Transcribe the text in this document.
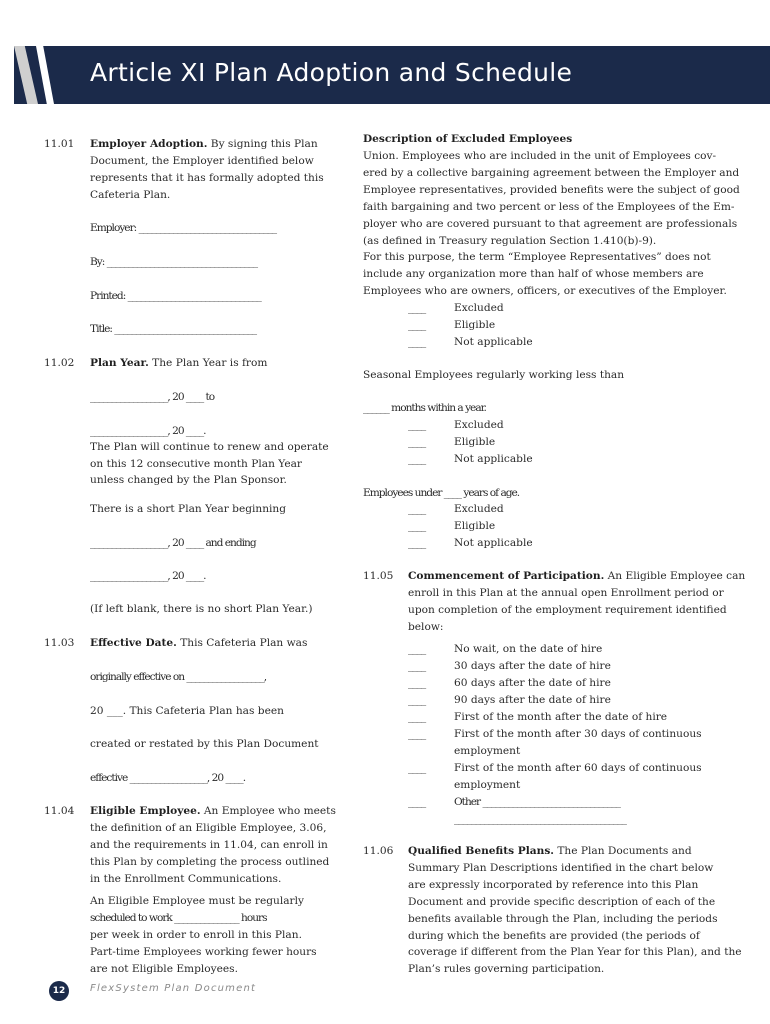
Article XI Plan Adoption and Schedule
11.01 Employer Adoption. By signing this Plan
Document, the Employer identified below
represents that it has formally adopted this
Cafeteria Plan.
Employer: ________________________________
By: ___________________________________
Printed: _______________________________
Title: _________________________________
11.02 Plan Year. The Plan Year is from
__________________, 20 ____ to
__________________, 20 ____.
The Plan will continue to renew and operate
on this 12 consecutive month Plan Year
unless changed by the Plan Sponsor.
There is a short Plan Year beginning
__________________, 20 ____ and ending
__________________, 20 ____.
(If left blank, there is no short Plan Year.)
11.03 Effective Date. This Cafeteria Plan was
originally effective on __________________,
20 ___. This Cafeteria Plan has been
created or restated by this Plan Document
effective __________________, 20 ____.
11.04 Eligible Employee. An Employee who meets
the definition of an Eligible Employee, 3.06,
and the requirements in 11.04, can enroll in
this Plan by completing the process outlined
in the Enrollment Communications.
An Eligible Employee must be regularly
scheduled to work _______________ hours
per week in order to enroll in this Plan.
Part-time Employees working fewer hours
are not Eligible Employees.
Description of Excluded Employees
Union. Employees who are included in the unit of Employees cov-
ered by a collective bargaining agreement between the Employer and
Employee representatives, provided benefits were the subject of good
faith bargaining and two percent or less of the Employees of the Em-
ployer who are covered pursuant to that agreement are professionals
(as defined in Treasury regulation Section 1.410(b)-9).
For this purpose, the term “Employee Representatives” does not
include any organization more than half of whose members are
Employees who are owners, officers, or executives of the Employer.
____	Excluded
____	Eligible
____	Not applicable
Seasonal Employees regularly working less than
______ months within a year.
____	Excluded
____	Eligible
____	Not applicable
Employees under ____ years of age.
____	Excluded
____	Eligible
____	Not applicable
11.05 Commencement of Participation. An Eligible Employee can
enroll in this Plan at the annual open Enrollment period or
upon completion of the employment requirement identified
below:
____	No wait, on the date of hire
____	30 days after the date of hire
____	60 days after the date of hire
____	90 days after the date of hire
____	First of the month after the date of hire
____	First of the month after 30 days of continuous
employment
____	First of the month after 60 days of continuous
employment
____	Other ________________________________
________________________________________
11.06 Qualified Benefits Plans. The Plan Documents and
Summary Plan Descriptions identified in the chart below
are expressly incorporated by reference into this Plan
Document and provide specific description of each of the
benefits available through the Plan, including the periods
during which the benefits are provided (the periods of
coverage if different from the Plan Year for this Plan), and the
Plan’s rules governing participation.
12	FlexSystem Plan Document
